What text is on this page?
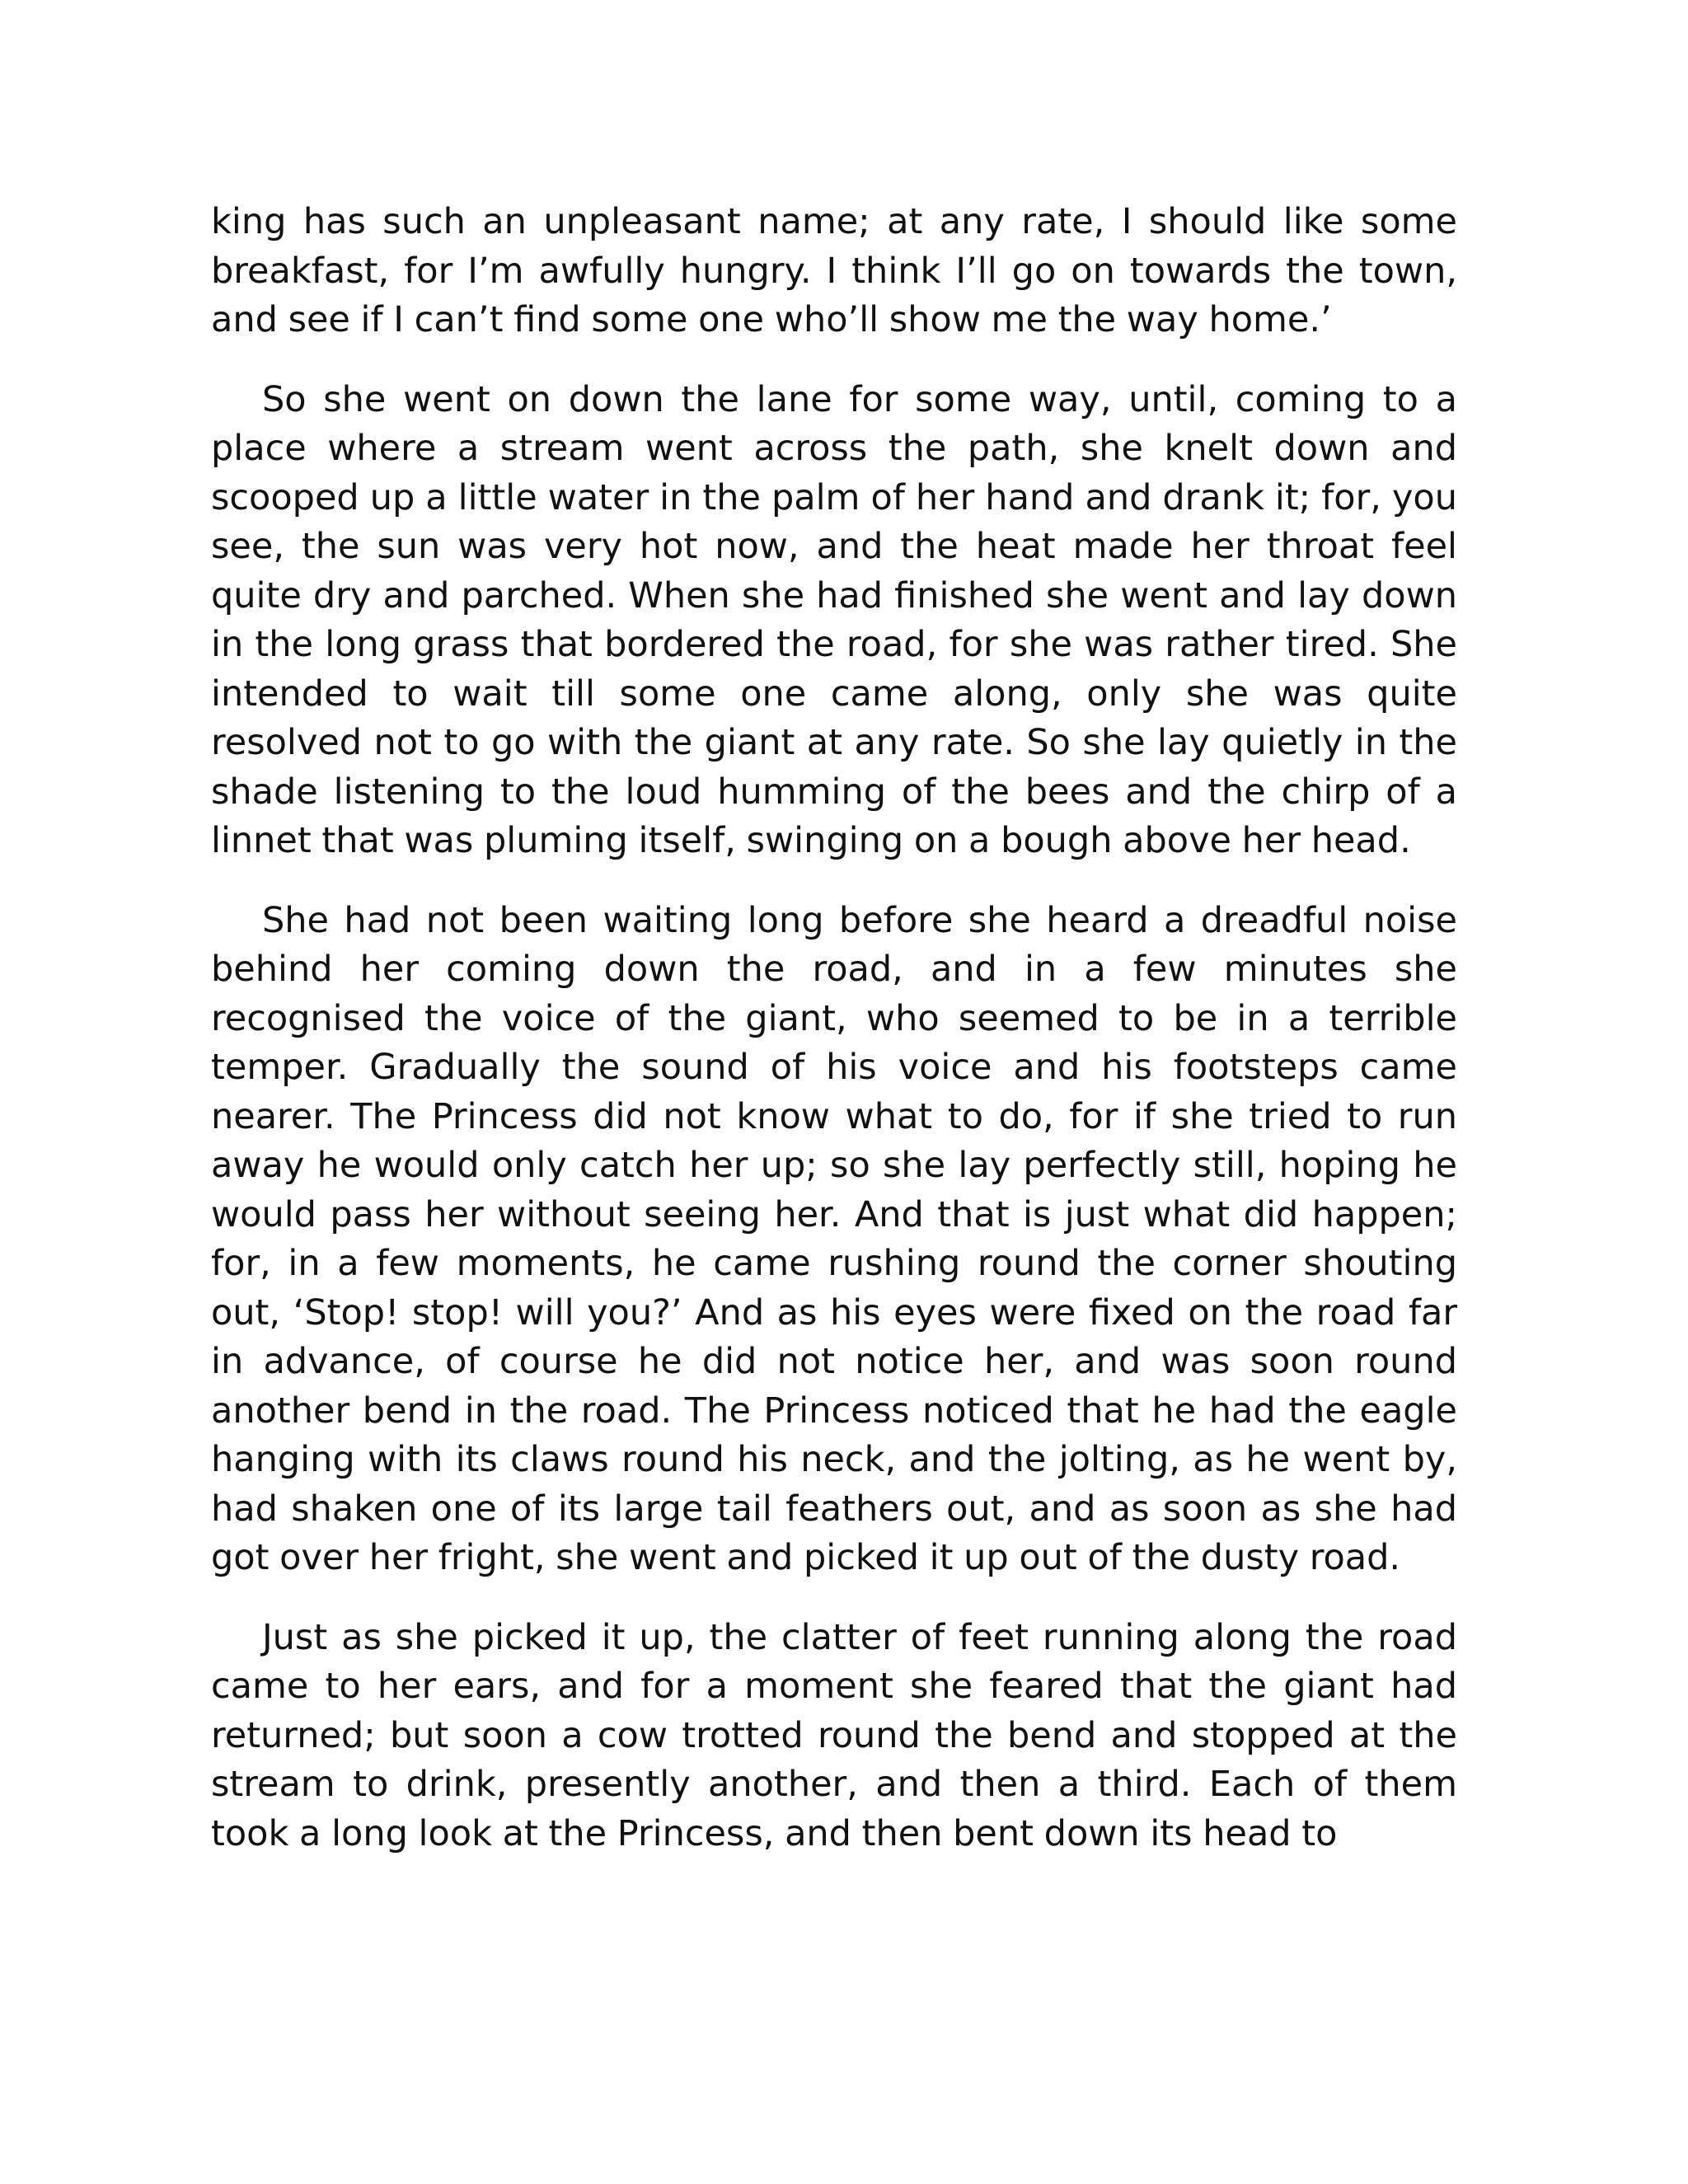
king has such an unpleasant name; at any rate, I should like some breakfast, for I’m awfully hungry. I think I’ll go on towards the town, and see if I can’t find some one who’ll show me the way home.’

So she went on down the lane for some way, until, coming to a place where a stream went across the path, she knelt down and scooped up a little water in the palm of her hand and drank it; for, you see, the sun was very hot now, and the heat made her throat feel quite dry and parched. When she had finished she went and lay down in the long grass that bordered the road, for she was rather tired. She intended to wait till some one came along, only she was quite resolved not to go with the giant at any rate. So she lay quietly in the shade listening to the loud humming of the bees and the chirp of a linnet that was pluming itself, swinging on a bough above her head.

She had not been waiting long before she heard a dreadful noise behind her coming down the road, and in a few minutes she recognised the voice of the giant, who seemed to be in a terrible temper. Gradually the sound of his voice and his footsteps came nearer. The Princess did not know what to do, for if she tried to run away he would only catch her up; so she lay perfectly still, hoping he would pass her without seeing her. And that is just what did happen; for, in a few moments, he came rushing round the corner shouting out, ‘Stop! stop! will you?’ And as his eyes were fixed on the road far in advance, of course he did not notice her, and was soon round another bend in the road. The Princess noticed that he had the eagle hanging with its claws round his neck, and the jolting, as he went by, had shaken one of its large tail feathers out, and as soon as she had got over her fright, she went and picked it up out of the dusty road.

Just as she picked it up, the clatter of feet running along the road came to her ears, and for a moment she feared that the giant had returned; but soon a cow trotted round the bend and stopped at the stream to drink, presently another, and then a third. Each of them took a long look at the Princess, and then bent down its head to
